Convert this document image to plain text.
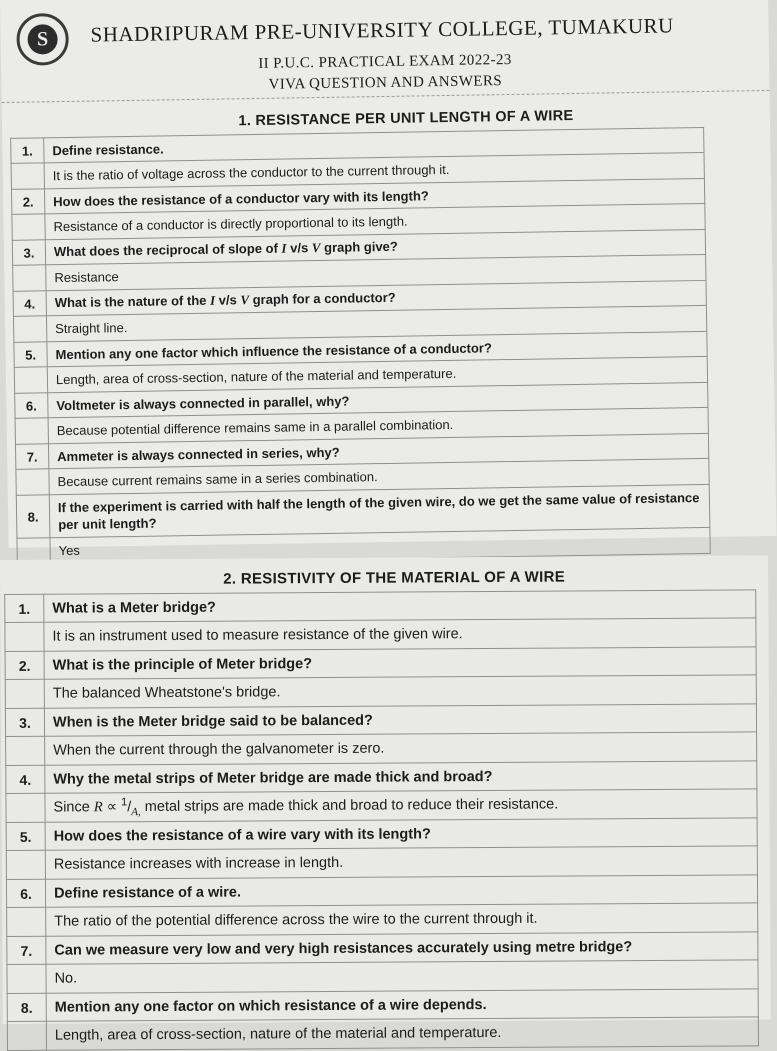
S	SHADRIPURAM PRE-UNIVERSITY COLLEGE, TUMAKURU
II P.U.C. PRACTICAL EXAM 2022-23
VIVA QUESTION AND ANSWERS
1. RESISTANCE PER UNIT LENGTH OF A WIRE
1.	Define resistance.
	It is the ratio of voltage across the conductor to the current through it.
2.	How does the resistance of a conductor vary with its length?
	Resistance of a conductor is directly proportional to its length.
3.	What does the reciprocal of slope of I v/s V graph give?
	Resistance
4.	What is the nature of the I v/s V graph for a conductor?
	Straight line.
5.	Mention any one factor which influence the resistance of a conductor?
	Length, area of cross-section, nature of the material and temperature.
6.	Voltmeter is always connected in parallel, why?
	Because potential difference remains same in a parallel combination.
7.	Ammeter is always connected in series, why?
	Because current remains same in a series combination.
8.	If the experiment is carried with half the length of the given wire, do we get the same value of resistance per unit length?
	Yes
2. RESISTIVITY OF THE MATERIAL OF A WIRE
1.	What is a Meter bridge?
	It is an instrument used to measure resistance of the given wire.
2.	What is the principle of Meter bridge?
	The balanced Wheatstone's bridge.
3.	When is the Meter bridge said to be balanced?
	When the current through the galvanometer is zero.
4.	Why the metal strips of Meter bridge are made thick and broad?
	Since $R \propto ^1/_{A,}$ metal strips are made thick and broad to reduce their resistance.
5.	How does the resistance of a wire vary with its length?
	Resistance increases with increase in length.
6.	Define resistance of a wire.
	The ratio of the potential difference across the wire to the current through it.
7.	Can we measure very low and very high resistances accurately using metre bridge?
	No.
8.	Mention any one factor on which resistance of a wire depends.
	Length, area of cross-section, nature of the material and temperature.
